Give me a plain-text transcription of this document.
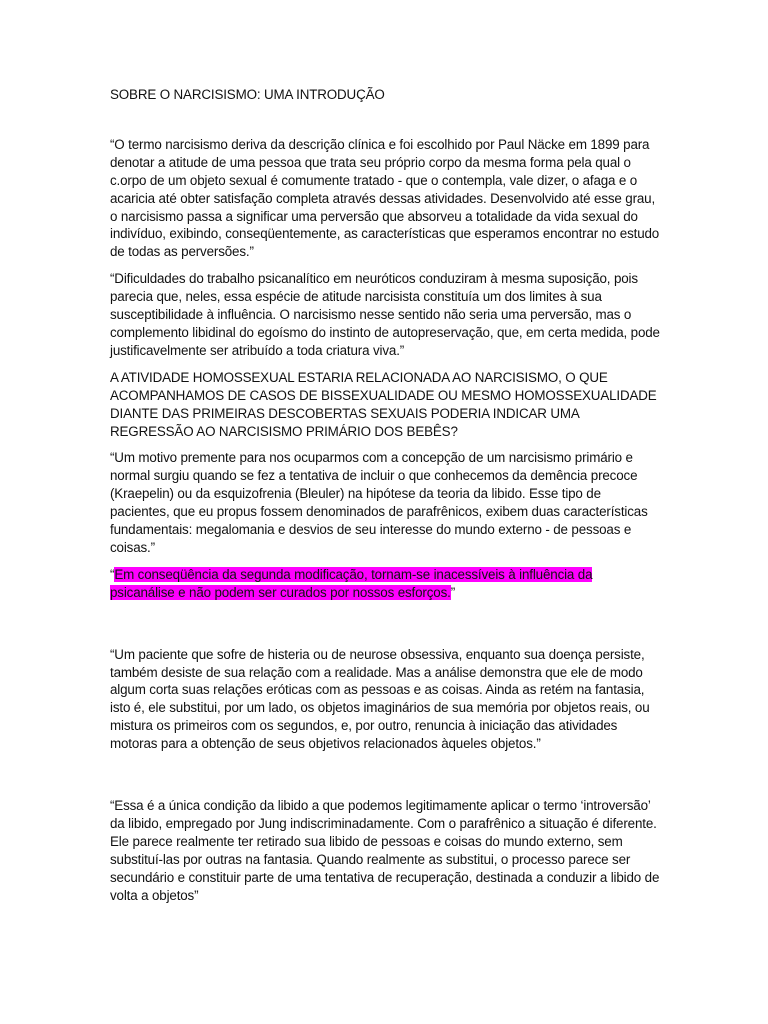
SOBRE O NARCISISMO: UMA INTRODUÇÃO

“O termo narcisismo deriva da descrição clínica e foi escolhido por Paul Näcke em 1899 para denotar a atitude de uma pessoa que trata seu próprio corpo da mesma forma pela qual o c.orpo de um objeto sexual é comumente tratado - que o contempla, vale dizer, o afaga e o acaricia até obter satisfação completa através dessas atividades. Desenvolvido até esse grau, o narcisismo passa a significar uma perversão que absorveu a totalidade da vida sexual do indivíduo, exibindo, conseqüentemente, as características que esperamos encontrar no estudo de todas as perversões.”

“Dificuldades do trabalho psicanalítico em neuróticos conduziram à mesma suposição, pois parecia que, neles, essa espécie de atitude narcisista constituía um dos limites à sua susceptibilidade à influência. O narcisismo nesse sentido não seria uma perversão, mas o complemento libidinal do egoísmo do instinto de autopreservação, que, em certa medida, pode justificavelmente ser atribuído a toda criatura viva.”

A ATIVIDADE HOMOSSEXUAL ESTARIA RELACIONADA AO NARCISISMO, O QUE ACOMPANHAMOS DE CASOS DE BISSEXUALIDADE OU MESMO HOMOSSEXUALIDADE DIANTE DAS PRIMEIRAS DESCOBERTAS SEXUAIS PODERIA INDICAR UMA REGRESSÃO AO NARCISISMO PRIMÁRIO DOS BEBÊS?

“Um motivo premente para nos ocuparmos com a concepção de um narcisismo primário e normal surgiu quando se fez a tentativa de incluir o que conhecemos da demência precoce (Kraepelin) ou da esquizofrenia (Bleuler) na hipótese da teoria da libido. Esse tipo de pacientes, que eu propus fossem denominados de parafrênicos, exibem duas características fundamentais: megalomania e desvios de seu interesse do mundo externo - de pessoas e coisas.”

“Em conseqüência da segunda modificação, tornam-se inacessíveis à influência da psicanálise e não podem ser curados por nossos esforços.”

“Um paciente que sofre de histeria ou de neurose obsessiva, enquanto sua doença persiste, também desiste de sua relação com a realidade. Mas a análise demonstra que ele de modo algum corta suas relações eróticas com as pessoas e as coisas. Ainda as retém na fantasia, isto é, ele substitui, por um lado, os objetos imaginários de sua memória por objetos reais, ou mistura os primeiros com os segundos, e, por outro, renuncia à iniciação das atividades motoras para a obtenção de seus objetivos relacionados àqueles objetos.”

“Essa é a única condição da libido a que podemos legitimamente aplicar o termo ‘introversão’ da libido, empregado por Jung indiscriminadamente. Com o parafrênico a situação é diferente. Ele parece realmente ter retirado sua libido de pessoas e coisas do mundo externo, sem substituí-las por outras na fantasia. Quando realmente as substitui, o processo parece ser secundário e constituir parte de uma tentativa de recuperação, destinada a conduzir a libido de volta a objetos”
